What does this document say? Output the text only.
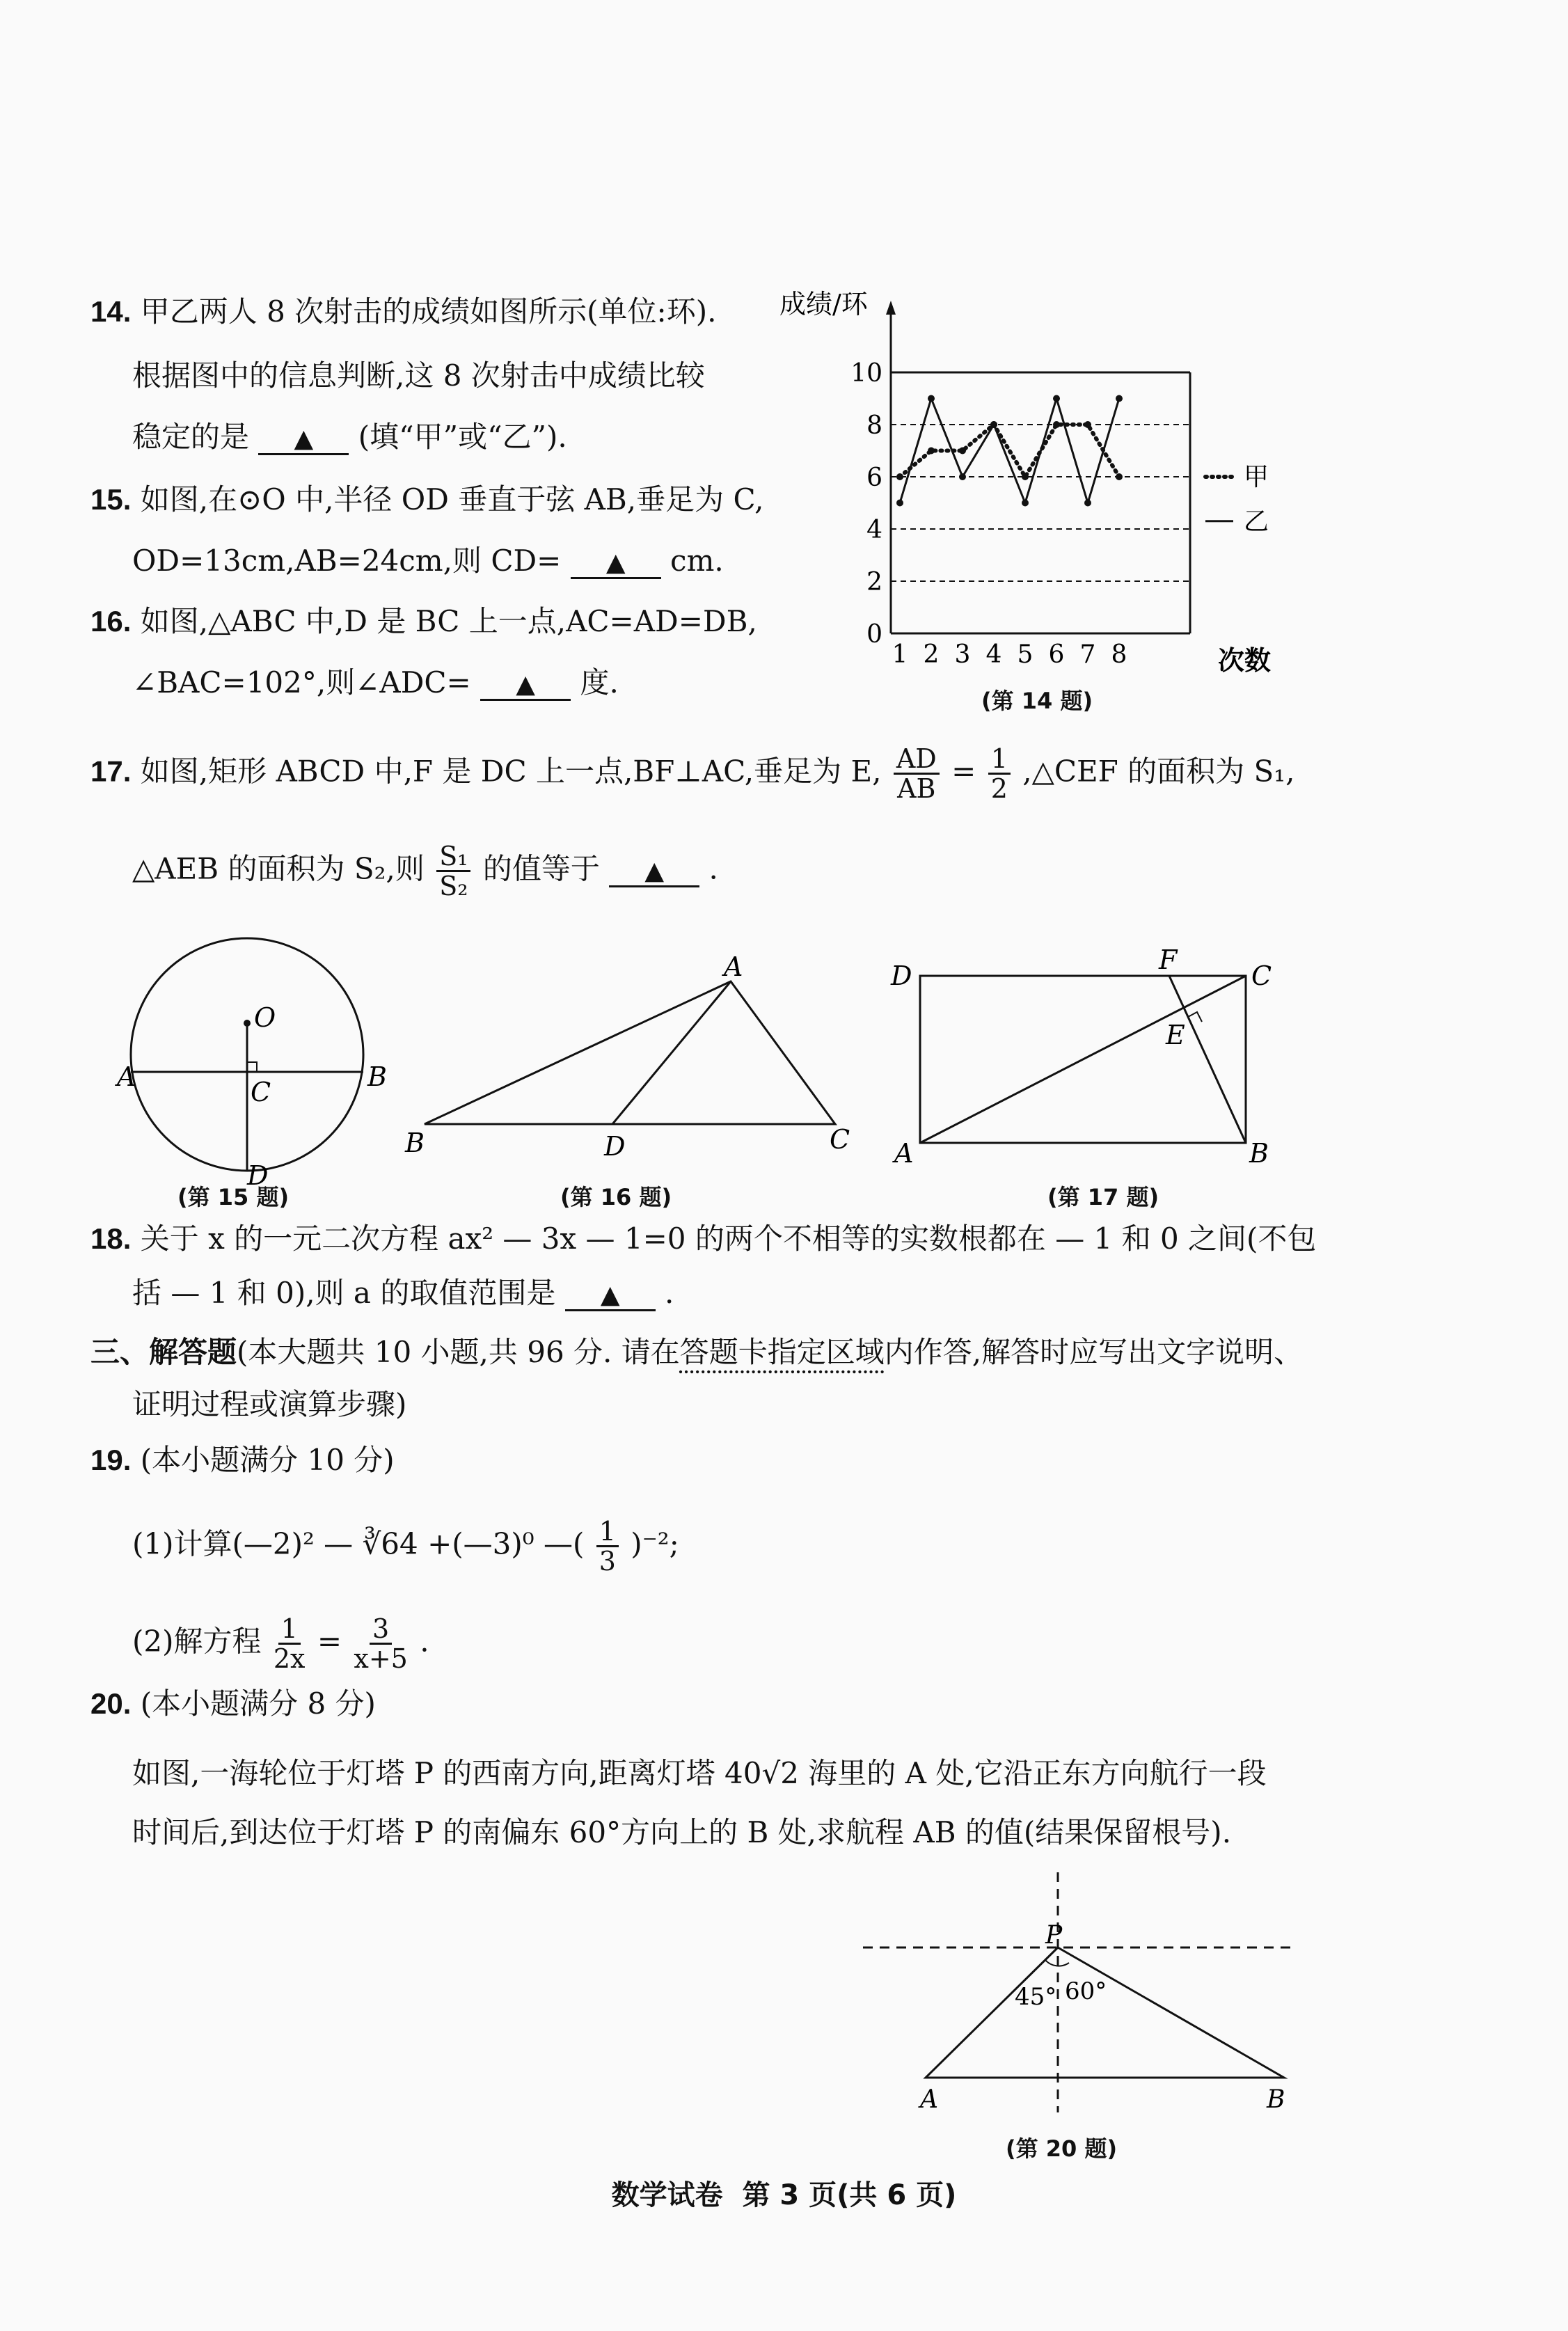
14. 甲乙两人 8 次射击的成绩如图所示(单位:环).
根据图中的信息判断,这 8 次射击中成绩比较
稳定的是 ▲ (填“甲”或“乙”).
0
2
4
6
8
10
1 2 3 4 5 6 7 8
成绩/环
次数
甲
乙
(第 14 题)
15. 如图,在⊙O 中,半径 OD 垂直于弦 AB,垂足为 C,
OD=13cm,AB=24cm,则 CD= ▲ cm.
16. 如图,△ABC 中,D 是 BC 上一点,AC=AD=DB,
∠BAC=102°,则∠ADC= ▲ 度.
17. 如图,矩形 ABCD 中,F 是 DC 上一点,BF⊥AC,垂足为 E, $\frac{AD}{AB} = \frac{1}{2}$ ,△CEF 的面积为 S₁,
△AEB 的面积为 S₂,则 $\frac{\text{S₁}}{\text{S₂}}$ 的值等于 ▲ .
O
A	B
C
D
(第 15 题)
A
B	D	C
(第 16 题)
D
F
C
E
A	B
(第 17 题)
18. 关于 x 的一元二次方程 ax² — 3x — 1=0 的两个不相等的实数根都在 — 1 和 0 之间(不包
括 — 1 和 0),则 a 的取值范围是 ▲ .
三、解答题(本大题共 10 小题,共 96 分. 请在答题卡指定区域内作答,解答时应写出文字说明、
证明过程或演算步骤)
19. (本小题满分 10 分)
(1)计算(—2)² — ∛64 +(—3)⁰ —( $\frac{1}{3} )^{-2}$;
(2)解方程 $\frac{1}{2x} = \frac{3}{x+5}$ .
20. (本小题满分 8 分)
如图,一海轮位于灯塔 P 的西南方向,距离灯塔 40√2 海里的 A 处,它沿正东方向航行一段
时间后,到达位于灯塔 P 的南偏东 60°方向上的 B 处,求航程 AB 的值(结果保留根号).
P
45° 60°
A	B
(第 20 题)
数学试卷  第 3 页(共 6 页)
